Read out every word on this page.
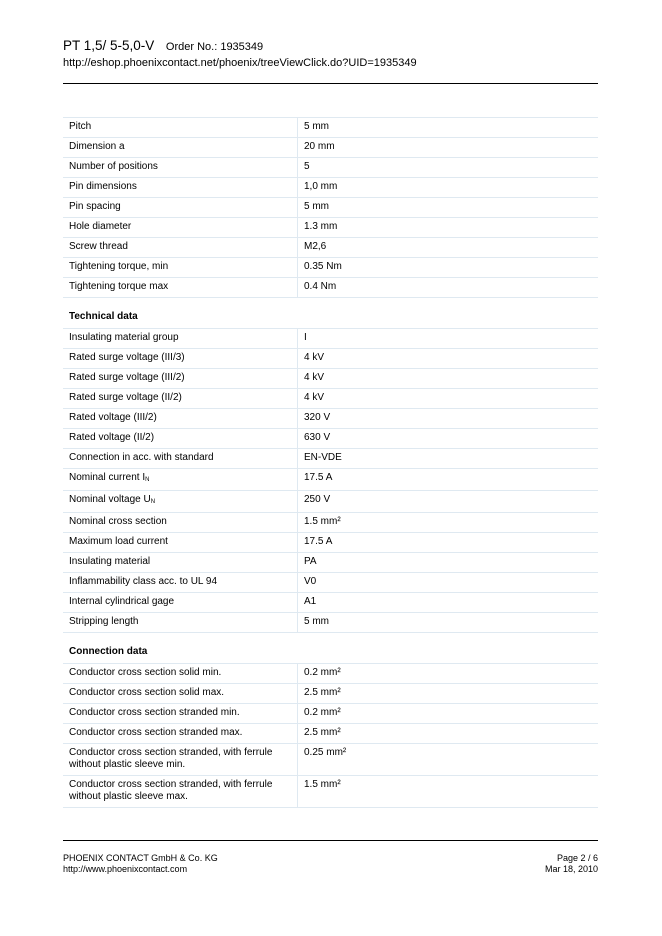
PT 1,5/ 5-5,0-V Order No.: 1935349
http://eshop.phoenixcontact.net/phoenix/treeViewClick.do?UID=1935349
Pitch	5 mm
Dimension a	20 mm
Number of positions	5
Pin dimensions	1,0 mm
Pin spacing	5 mm
Hole diameter	1.3 mm
Screw thread	M2,6
Tightening torque, min	0.35 Nm
Tightening torque max	0.4 Nm
Technical data
Insulating material group	I
Rated surge voltage (III/3)	4 kV
Rated surge voltage (III/2)	4 kV
Rated surge voltage (II/2)	4 kV
Rated voltage (III/2)	320 V
Rated voltage (II/2)	630 V
Connection in acc. with standard	EN-VDE
Nominal current $I_N$	17.5 A
Nominal voltage $U_N$	250 V
Nominal cross section	1.5 mm²
Maximum load current	17.5 A
Insulating material	PA
Inflammability class acc. to UL 94	V0
Internal cylindrical gage	A1
Stripping length	5 mm
Connection data
Conductor cross section solid min.	0.2 mm²
Conductor cross section solid max.	2.5 mm²
Conductor cross section stranded min.	0.2 mm²
Conductor cross section stranded max.	2.5 mm²
Conductor cross section stranded, with ferrule without plastic sleeve min.	0.25 mm²
Conductor cross section stranded, with ferrule without plastic sleeve max.	1.5 mm²
PHOENIX CONTACT GmbH & Co. KG
http://www.phoenixcontact.com
Page 2 / 6
Mar 18, 2010
